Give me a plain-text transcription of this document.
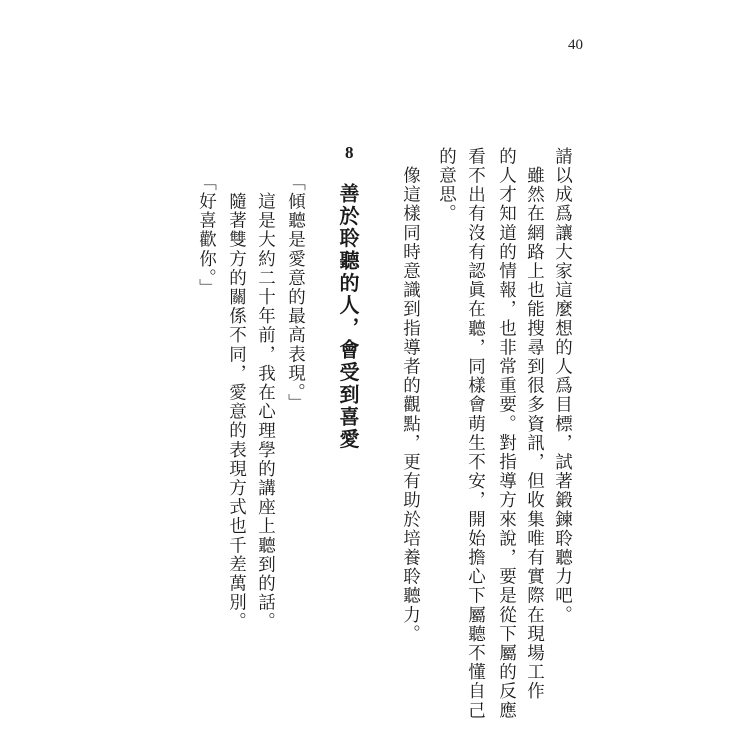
40
請以成爲讓大家這麼想的人爲目標，試著鍛鍊聆聽力吧。
　雖然在網路上也能搜尋到很多資訊，但收集唯有實際在現場工作
的人才知道的情報，也非常重要。對指導方來說，要是從下屬的反應
看不出有沒有認眞在聽，同樣會萌生不安，開始擔心下屬聽不懂自己
的意思。
　像這樣同時意識到指導者的觀點，更有助於培養聆聽力。
8
善於聆聽的人，會受到喜愛
「傾聽是愛意的最高表現。」
　這是大約二十年前，我在心理學的講座上聽到的話。
　隨著雙方的關係不同，愛意的表現方式也千差萬別。
「好喜歡你。」
